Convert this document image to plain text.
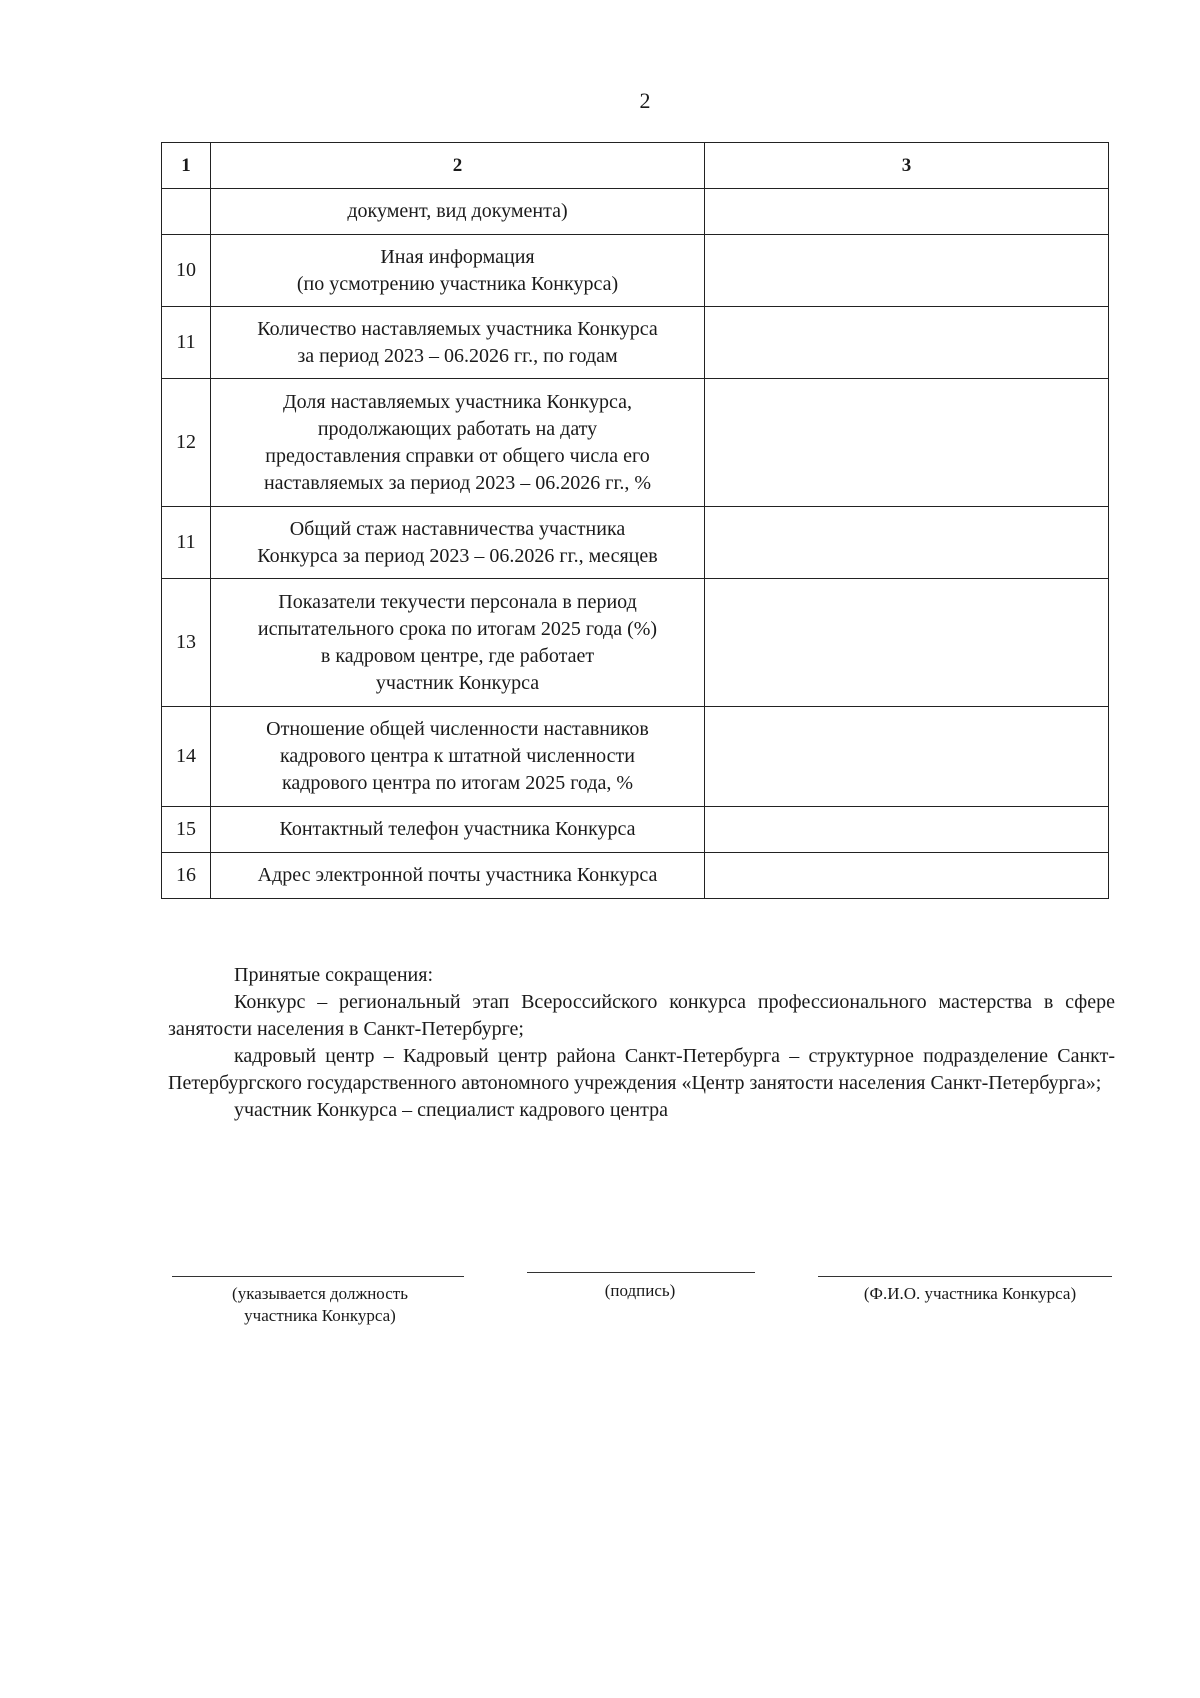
2
1	2	3
	документ, вид документа)	
10	Иная информация
(по усмотрению участника Конкурса)	
11	Количество наставляемых участника Конкурса
за период 2023 – 06.2026 гг., по годам	
12	Доля наставляемых участника Конкурса,
продолжающих работать на дату
предоставления справки от общего числа его
наставляемых за период 2023 – 06.2026 гг., %	
11	Общий стаж наставничества участника
Конкурса за период 2023 – 06.2026 гг., месяцев	
13	Показатели текучести персонала в период
испытательного срока по итогам 2025 года (%)
в кадровом центре, где работает
участник Конкурса	
14	Отношение общей численности наставников
кадрового центра к штатной численности
кадрового центра по итогам 2025 года, %	
15	Контактный телефон участника Конкурса	
16	Адрес электронной почты участника Конкурса	

Принятые сокращения:

Конкурс – региональный этап Всероссийского конкурса профессионального мастерства в сфере занятости населения в Санкт-Петербурге;

кадровый центр – Кадровый центр района Санкт-Петербурга – структурное подразделение Санкт-Петербургского государственного автономного учреждения «Центр занятости населения Санкт-Петербурга»;

участник Конкурса – специалист кадрового центра

(указывается должность
участника Конкурса)
(подпись)	(Ф.И.О. участника Конкурса)
